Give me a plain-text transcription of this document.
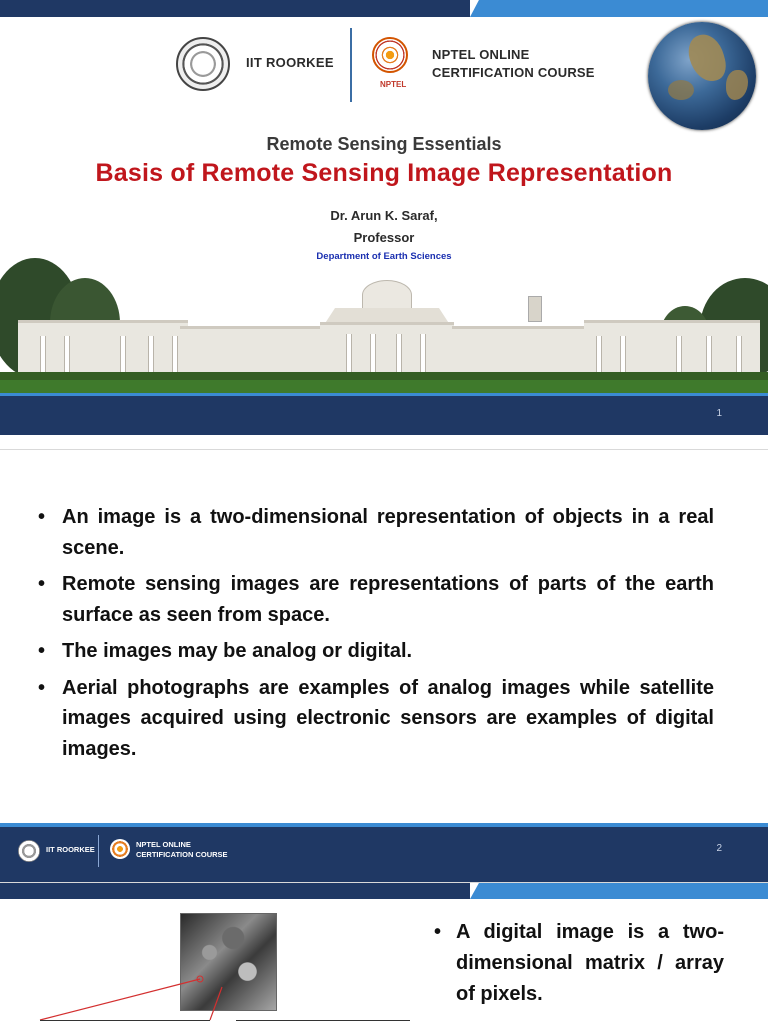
IIT ROORKEE
NPTEL
NPTEL ONLINE
CERTIFICATION COURSE
Remote Sensing Essentials
Basis of Remote Sensing Image Representation
Dr. Arun K. Saraf,
Professor
Department of Earth Sciences
1
• An image is a two-dimensional representation of objects in a real scene.
• Remote sensing images are representations of parts of the earth surface as seen from space.
• The images may be analog or digital.
• Aerial photographs are examples of analog images while satellite images acquired using electronic sensors are examples of digital images.
IIT ROORKEE
NPTEL ONLINE
CERTIFICATION COURSE
2
• A digital image is a two-dimensional matrix / array of pixels.
